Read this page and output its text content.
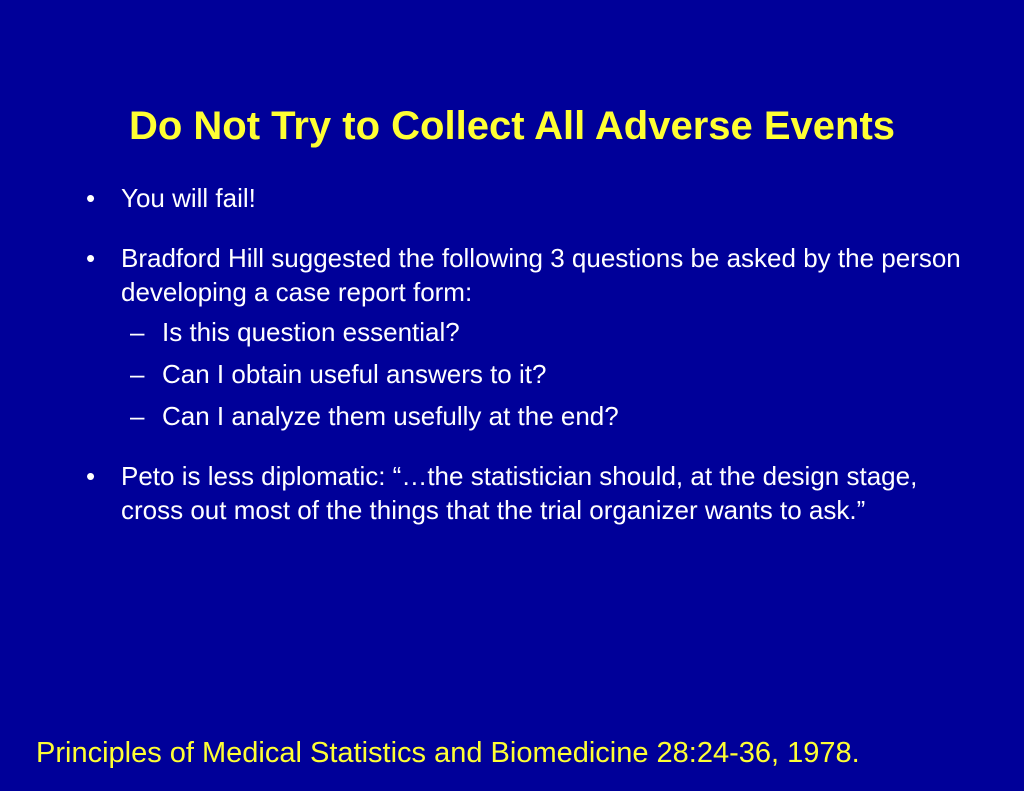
Do Not Try to Collect All Adverse Events
• You will fail!
• Bradford Hill suggested the following 3 questions be asked by the person developing a case report form:
– Is this question essential?
– Can I obtain useful answers to it?
– Can I analyze them usefully at the end?
• Peto is less diplomatic: “…the statistician should, at the design stage, cross out most of the things that the trial organizer wants to ask.”
Principles of Medical Statistics and Biomedicine 28:24-36, 1978.
